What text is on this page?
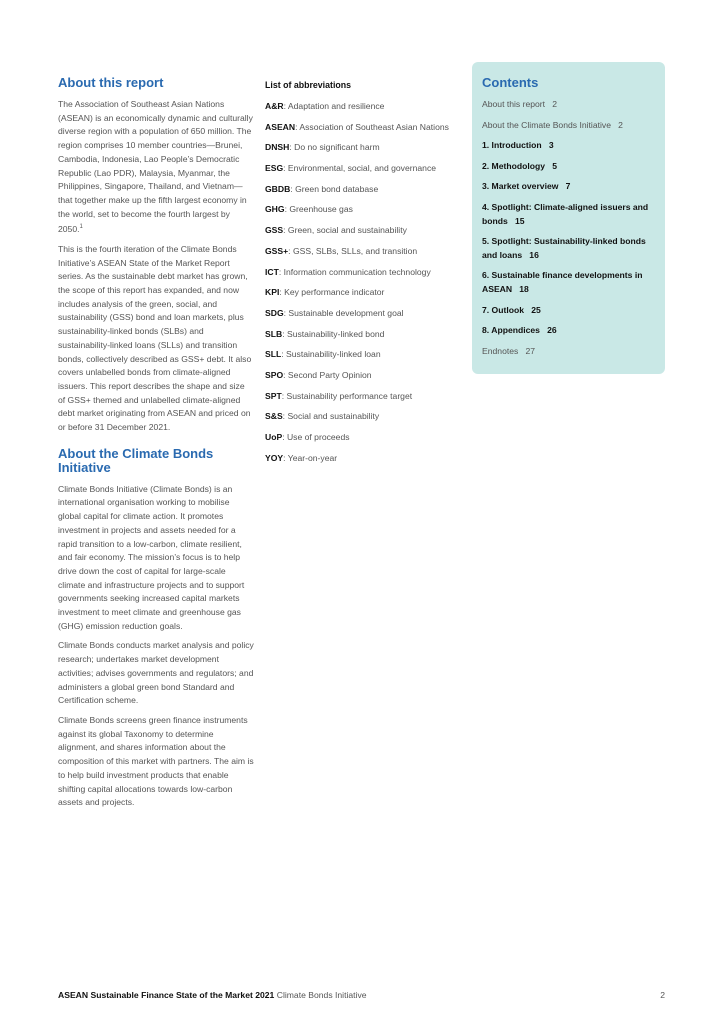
About this report

The Association of Southeast Asian Nations (ASEAN) is an economically dynamic and culturally diverse region with a population of 650 million. The region comprises 10 member countries—Brunei, Cambodia, Indonesia, Lao People’s Democratic Republic (Lao PDR), Malaysia, Myanmar, the Philippines, Singapore, Thailand, and Vietnam—that together make up the fifth largest economy in the world, set to become the fourth largest by 2050.$^1$

This is the fourth iteration of the Climate Bonds Initiative’s ASEAN State of the Market Report series. As the sustainable debt market has grown, the scope of this report has expanded, and now includes analysis of the green, social, and sustainability (GSS) bond and loan markets, plus sustainability-linked bonds (SLBs) and sustainability-linked loans (SLLs) and transition bonds, collectively described as GSS+ debt. It also covers unlabelled bonds from climate-aligned issuers. This report describes the shape and size of GSS+ themed and unlabelled climate-aligned debt market originating from ASEAN and priced on or before 31 December 2021.

About the Climate Bonds Initiative

Climate Bonds Initiative (Climate Bonds) is an international organisation working to mobilise global capital for climate action. It promotes investment in projects and assets needed for a rapid transition to a low-carbon, climate resilient, and fair economy. The mission’s focus is to help drive down the cost of capital for large-scale climate and infrastructure projects and to support governments seeking increased capital markets investment to meet climate and greenhouse gas (GHG) emission reduction goals.

Climate Bonds conducts market analysis and policy research; undertakes market development activities; advises governments and regulators; and administers a global green bond Standard and Certification scheme.

Climate Bonds screens green finance instruments against its global Taxonomy to determine alignment, and shares information about the composition of this market with partners. The aim is to help build investment products that enable shifting capital allocations towards low-carbon assets and projects.

List of abbreviations
A&R: Adaptation and resilience
ASEAN: Association of Southeast Asian Nations
DNSH: Do no significant harm
ESG: Environmental, social, and governance
GBDB: Green bond database
GHG: Greenhouse gas
GSS: Green, social and sustainability
GSS+: GSS, SLBs, SLLs, and transition
ICT: Information communication technology
KPI: Key performance indicator
SDG: Sustainable development goal
SLB: Sustainability-linked bond
SLL: Sustainability-linked loan
SPO: Second Party Opinion
SPT: Sustainability performance target
S&S: Social and sustainability
UoP: Use of proceeds
YOY: Year-on-year
Contents
About this report 2
About the Climate Bonds Initiative 2
1. Introduction 3
2. Methodology 5
3. Market overview 7
4. Spotlight: Climate-aligned issuers and bonds 15
5. Spotlight: Sustainability-linked bonds and loans 16
6. Sustainable finance developments in ASEAN 18
7. Outlook 25
8. Appendices 26
Endnotes 27
ASEAN Sustainable Finance State of the Market 2021 Climate Bonds Initiative	2
